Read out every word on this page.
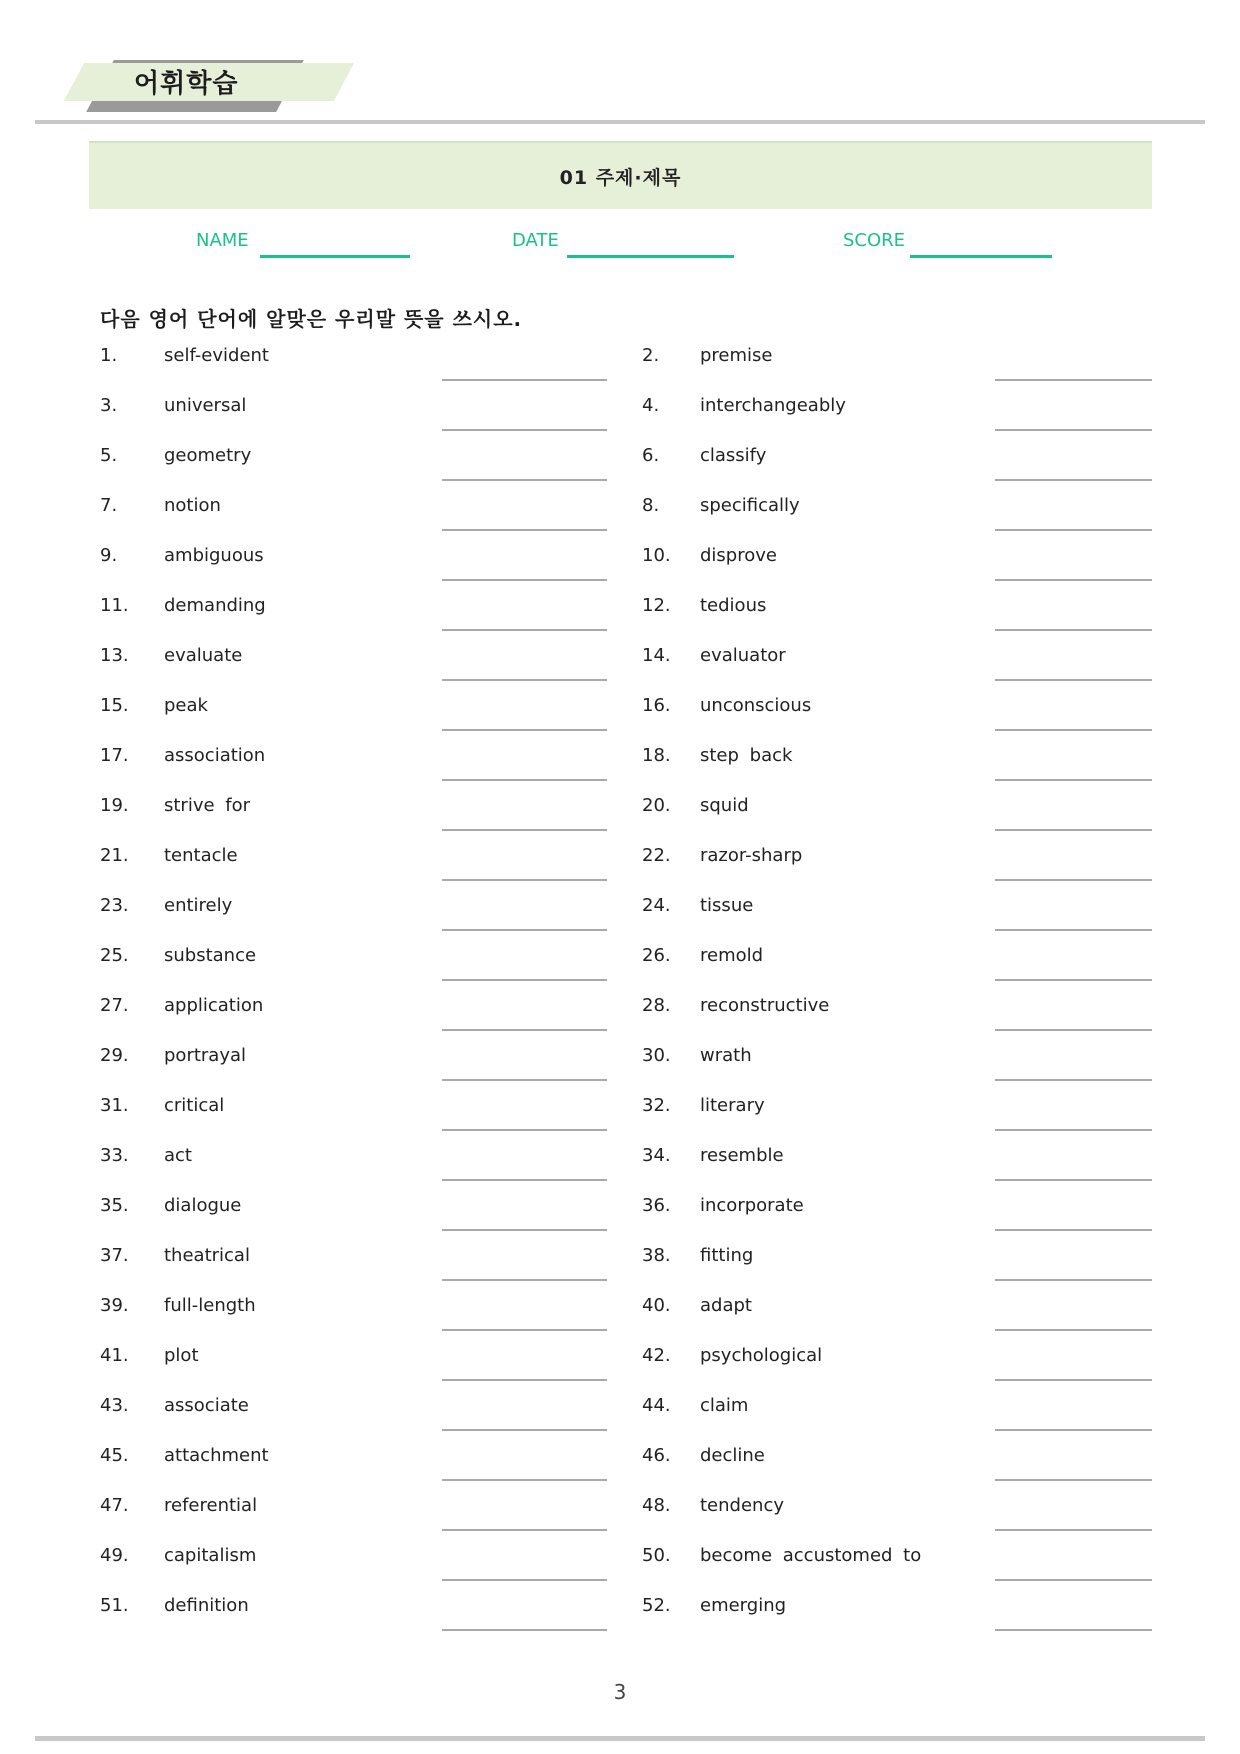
어휘학습
01 주제·제목
NAME	DATE	SCORE
다음 영어 단어에 알맞은 우리말 뜻을 쓰시오.
1.	self-evident	2. premise
3.	universal	4. interchangeably
5.	geometry	6. classify
7.	notion	8. specifically
9.	ambiguous	10. disprove
11. demanding	12. tedious
13. evaluate	14. evaluator
15. peak	16. unconscious
17. association	18. step back
19. strive for	20. squid
21. tentacle	22. razor-sharp
23. entirely	24. tissue
25. substance	26. remold
27. application	28. reconstructive
29. portrayal	30. wrath
31. critical	32. literary
33. act	34. resemble
35. dialogue	36. incorporate
37. theatrical	38. fitting
39. full-length	40. adapt
41. plot	42. psychological
43. associate	44. claim
45. attachment	46. decline
47. referential	48. tendency
49. capitalism	50. become accustomed to
51. definition	52. emerging
3
